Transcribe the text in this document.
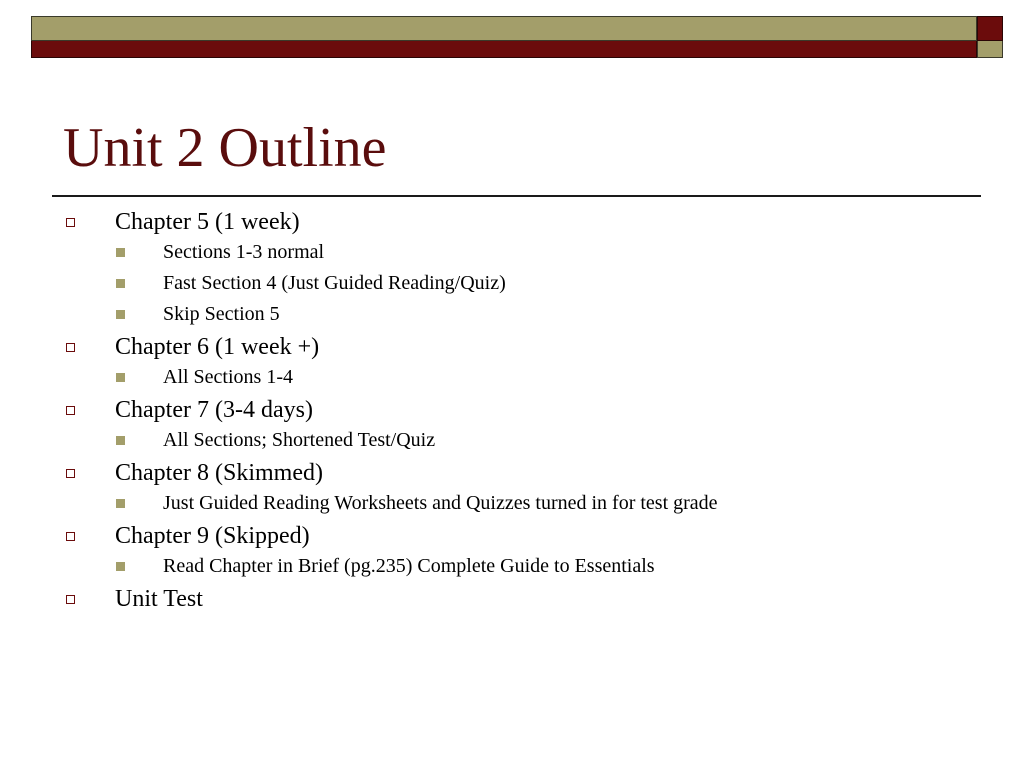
Unit 2 Outline
Chapter 5 (1 week)
Sections 1-3 normal
Fast Section 4 (Just Guided Reading/Quiz)
Skip Section 5
Chapter 6 (1 week +)
All Sections 1-4
Chapter 7 (3-4 days)
All Sections; Shortened Test/Quiz
Chapter 8 (Skimmed)
Just Guided Reading Worksheets and Quizzes turned in for test grade
Chapter 9 (Skipped)
Read Chapter in Brief (pg.235) Complete Guide to Essentials
Unit Test
